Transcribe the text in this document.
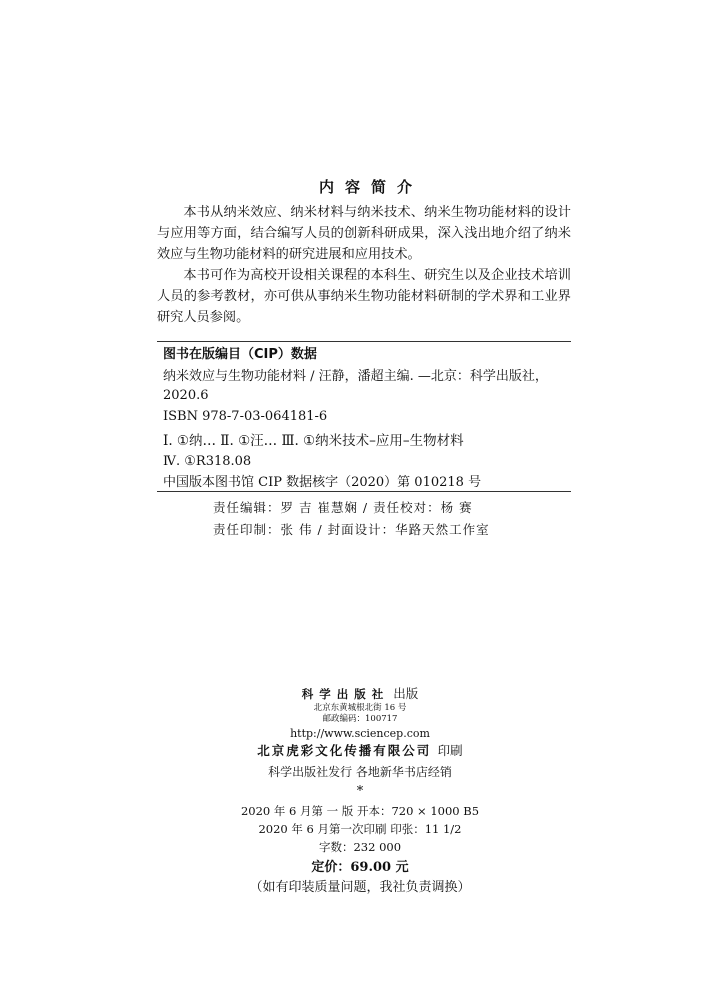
内容简介

本书从纳米效应、纳米材料与纳米技术、纳米生物功能材料的设计与应用等方面，结合编写人员的创新科研成果，深入浅出地介绍了纳米效应与生物功能材料的研究进展和应用技术。

本书可作为高校开设相关课程的本科生、研究生以及企业技术培训人员的参考教材，亦可供从事纳米生物功能材料研制的学术界和工业界研究人员参阅。

图书在版编目（CIP）数据
纳米效应与生物功能材料 / 汪静，潘超主编. —北京：科学出版社，2020.6
ISBN 978-7-03-064181-6
Ⅰ. ①纳… Ⅱ. ①汪… Ⅲ. ①纳米技术–应用–生物材料
Ⅳ. ①R318.08
中国版本图书馆 CIP 数据核字（2020）第 010218 号
责任编辑：罗 吉 崔慧娴 / 责任校对：杨 赛
责任印制：张 伟 / 封面设计：华路天然工作室
科学出版社 出版
北京东黄城根北街 16 号
邮政编码：100717
http://www.sciencep.com
北京虎彩文化传播有限公司 印刷
科学出版社发行 各地新华书店经销
*
2020 年 6 月第 一 版 开本：720 × 1000 B5
2020 年 6 月第一次印刷 印张：11 1/2
字数：232 000
定价：69.00 元
（如有印装质量问题，我社负责调换）
